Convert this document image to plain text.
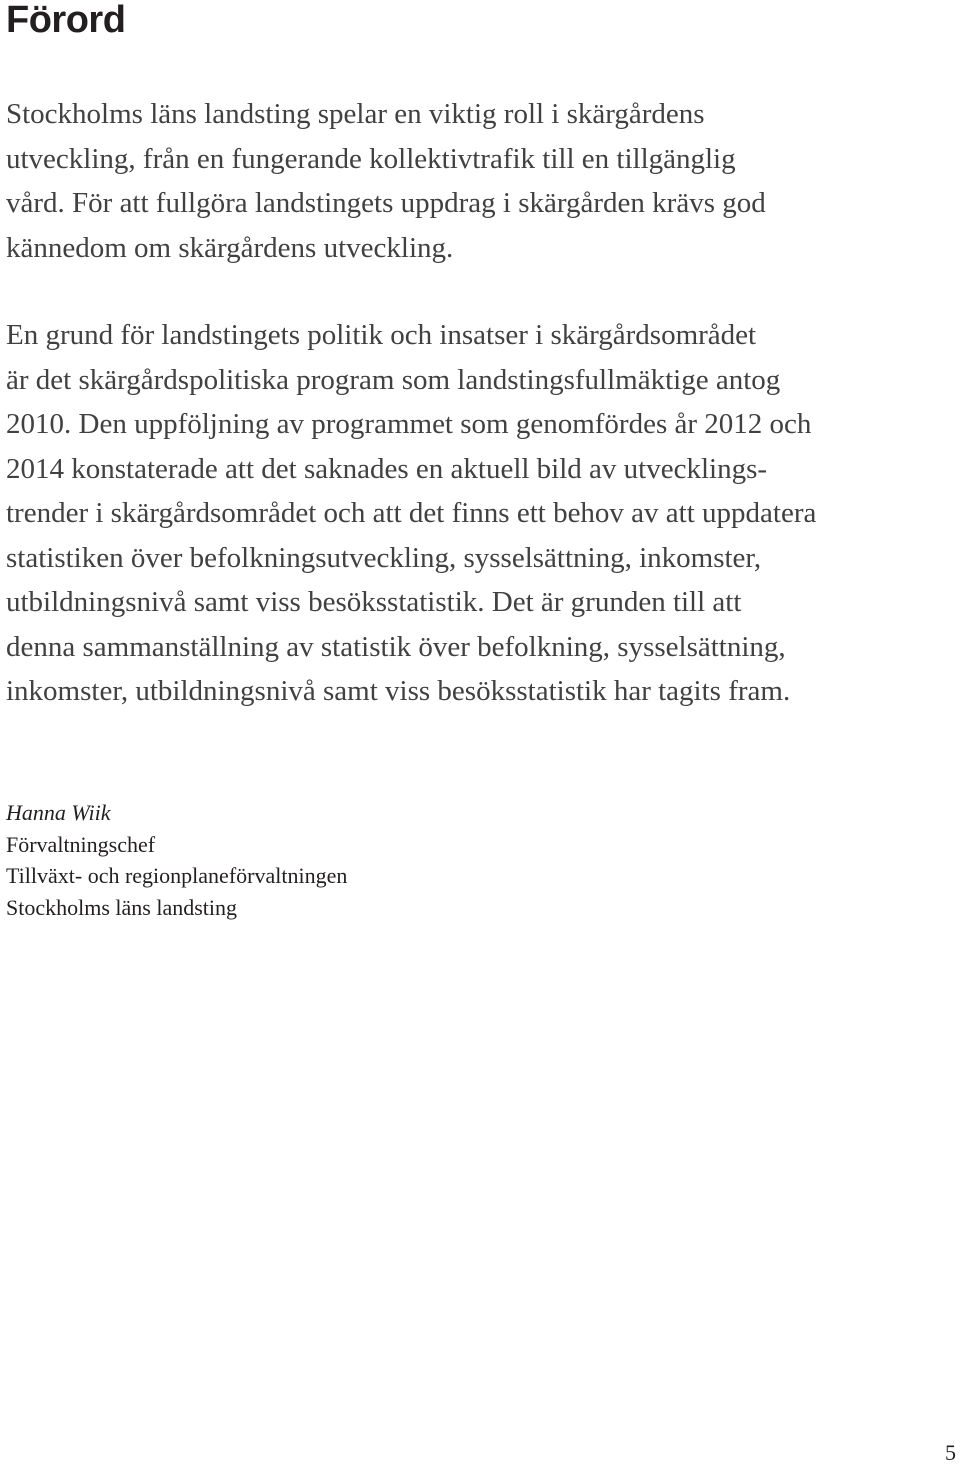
Förord

Stockholms läns landsting spelar en viktig roll i skärgårdens
utveckling, från en fungerande kollektivtrafik till en tillgänglig
vård. För att fullgöra landstingets uppdrag i skärgården krävs god
kännedom om skärgårdens utveckling.

En grund för landstingets politik och insatser i skärgårdsområdet
är det skärgårdspolitiska program som landstingsfullmäktige antog
2010. Den uppföljning av programmet som genomfördes år 2012 och
2014 konstaterade att det saknades en aktuell bild av utvecklings-
trender i skärgårdsområdet och att det finns ett behov av att uppdatera
statistiken över befolkningsutveckling, sysselsättning, inkomster,
utbildningsnivå samt viss besöksstatistik. Det är grunden till att
denna sammanställning av statistik över befolkning, sysselsättning,
inkomster, utbildningsnivå samt viss besöksstatistik har tagits fram.

Hanna Wiik
Förvaltningschef
Tillväxt- och regionplaneförvaltningen
Stockholms läns landsting
5
